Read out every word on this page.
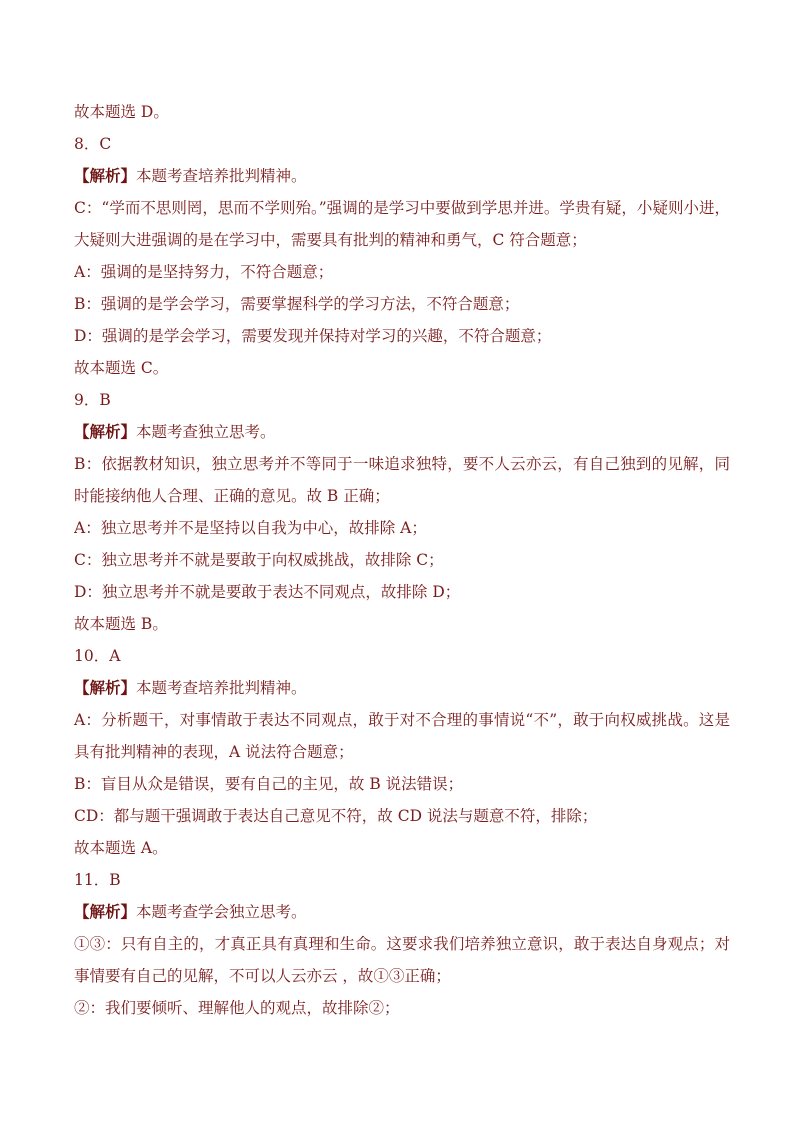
故本题选 D。
8．C
【解析】本题考查培养批判精神。
C：“学而不思则罔，思而不学则殆。”强调的是学习中要做到学思并进。学贵有疑，小疑则小进，大疑则大进强调的是在学习中，需要具有批判的精神和勇气，C 符合题意；
A：强调的是坚持努力，不符合题意；
B：强调的是学会学习，需要掌握科学的学习方法，不符合题意；
D：强调的是学会学习，需要发现并保持对学习的兴趣，不符合题意；
故本题选 C。
9．B
【解析】本题考查独立思考。
B：依据教材知识，独立思考并不等同于一味追求独特，要不人云亦云，有自己独到的见解，同时能接纳他人合理、正确的意见。故 B 正确；
A：独立思考并不是坚持以自我为中心，故排除 A；
C：独立思考并不就是要敢于向权威挑战，故排除 C；
D：独立思考并不就是要敢于表达不同观点，故排除 D；
故本题选 B。
10．A
【解析】本题考查培养批判精神。
A：分析题干，对事情敢于表达不同观点，敢于对不合理的事情说“不”，敢于向权威挑战。这是具有批判精神的表现，A 说法符合题意；
B：盲目从众是错误，要有自己的主见，故 B 说法错误；
CD：都与题干强调敢于表达自己意见不符，故 CD 说法与题意不符，排除；
故本题选 A。
11．B
【解析】本题考查学会独立思考。
①③：只有自主的，才真正具有真理和生命。这要求我们培养独立意识，敢于表达自身观点；对事情要有自己的见解，不可以人云亦云 ，故①③正确；
②：我们要倾听、理解他人的观点，故排除②；
